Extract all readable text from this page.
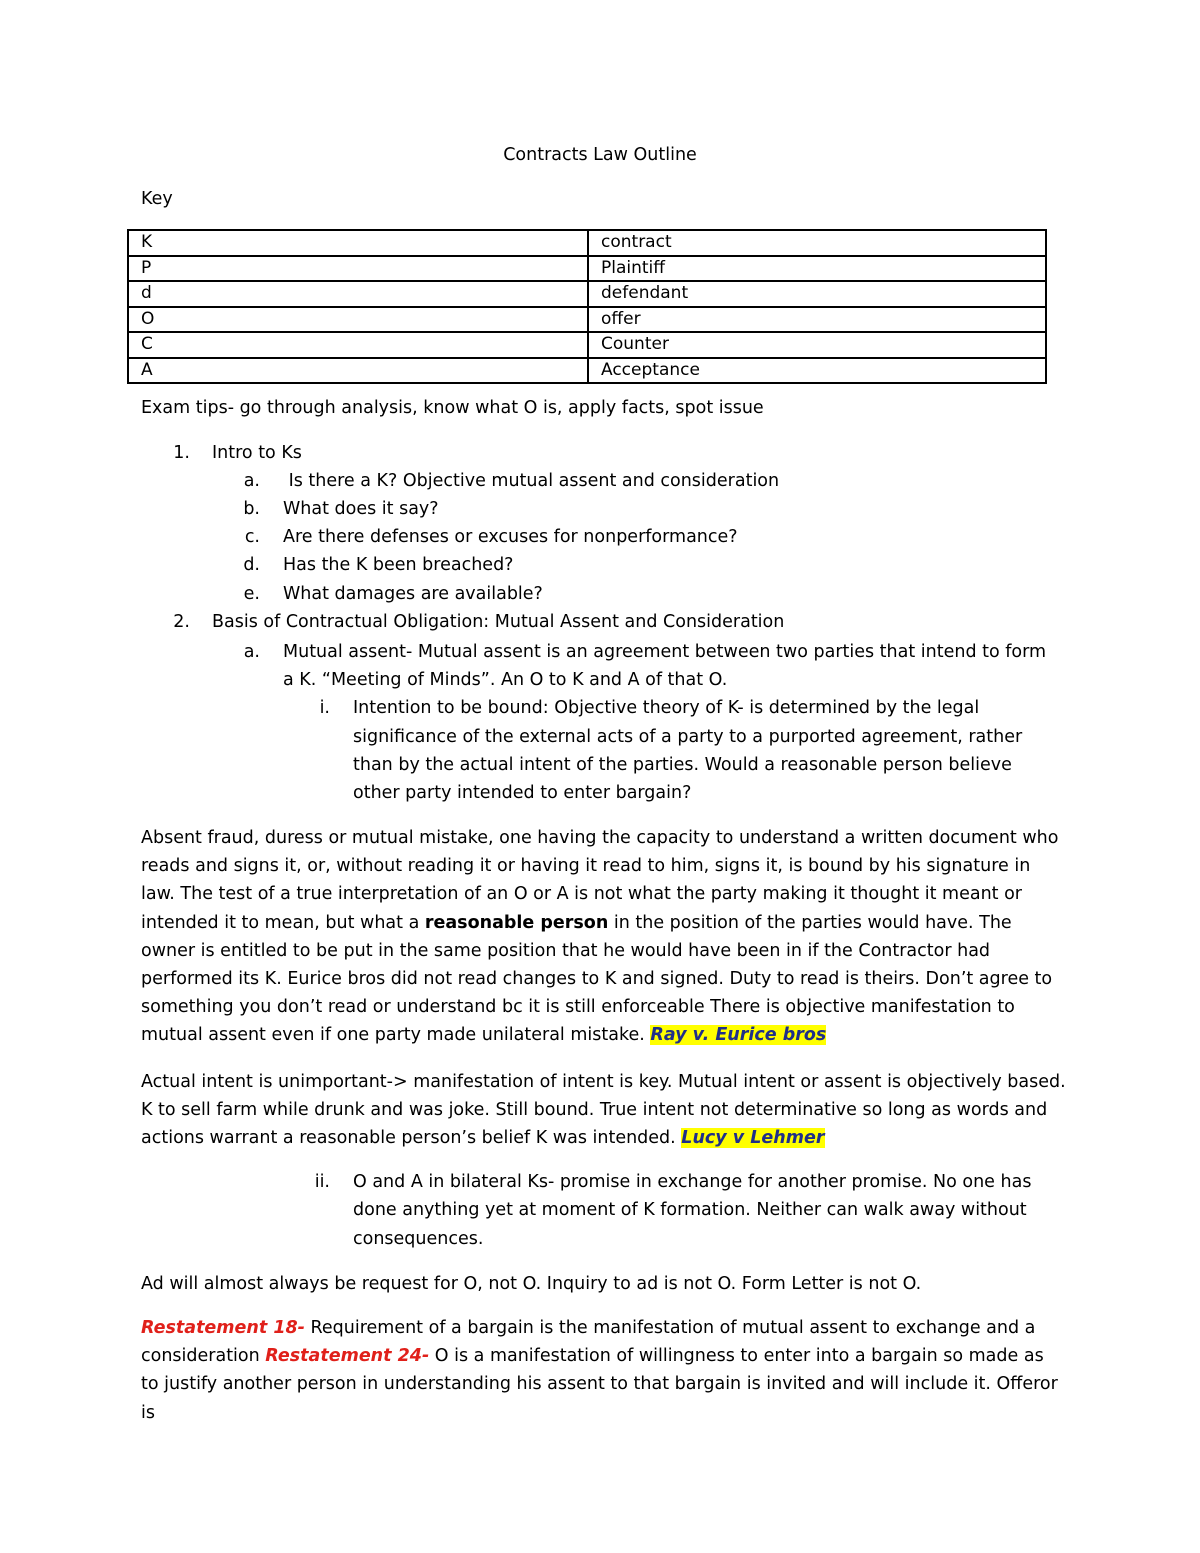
Contracts Law Outline
Key
K	contract
P	Plaintiff
d	defendant
O	offer
C	Counter
A	Acceptance
Exam tips- go through analysis, know what O is, apply facts, spot issue
1. Intro to Ks
a. Is there a K? Objective mutual assent and consideration
b. What does it say?
c. Are there defenses or excuses for nonperformance?
d. Has the K been breached?
e. What damages are available?
2. Basis of Contractual Obligation: Mutual Assent and Consideration
a. Mutual assent- Mutual assent is an agreement between two parties that intend to form
a K. “Meeting of Minds”. An O to K and A of that O.
i. Intention to be bound: Objective theory of K- is determined by the legal
significance of the external acts of a party to a purported agreement, rather
than by the actual intent of the parties. Would a reasonable person believe
other party intended to enter bargain?
Absent fraud, duress or mutual mistake, one having the capacity to understand a written document who reads and signs it, or, without reading it or having it read to him, signs it, is bound by his signature in law. The test of a true interpretation of an O or A is not what the party making it thought it meant or intended it to mean, but what a reasonable person in the position of the parties would have. The owner is entitled to be put in the same position that he would have been in if the Contractor had performed its K. Eurice bros did not read changes to K and signed. Duty to read is theirs. Don’t agree to something you don’t read or understand bc it is still enforceable There is objective manifestation to mutual assent even if one party made unilateral mistake. Ray v. Eurice bros
Actual intent is unimportant-> manifestation of intent is key. Mutual intent or assent is objectively based. K to sell farm while drunk and was joke. Still bound. True intent not determinative so long as words and actions warrant a reasonable person’s belief K was intended. Lucy v Lehmer
ii. O and A in bilateral Ks- promise in exchange for another promise. No one has
done anything yet at moment of K formation. Neither can walk away without
consequences.
Ad will almost always be request for O, not O. Inquiry to ad is not O. Form Letter is not O.
Restatement 18- Requirement of a bargain is the manifestation of mutual assent to exchange and a consideration Restatement 24- O is a manifestation of willingness to enter into a bargain so made as to justify another person in understanding his assent to that bargain is invited and will include it. Offeror is
